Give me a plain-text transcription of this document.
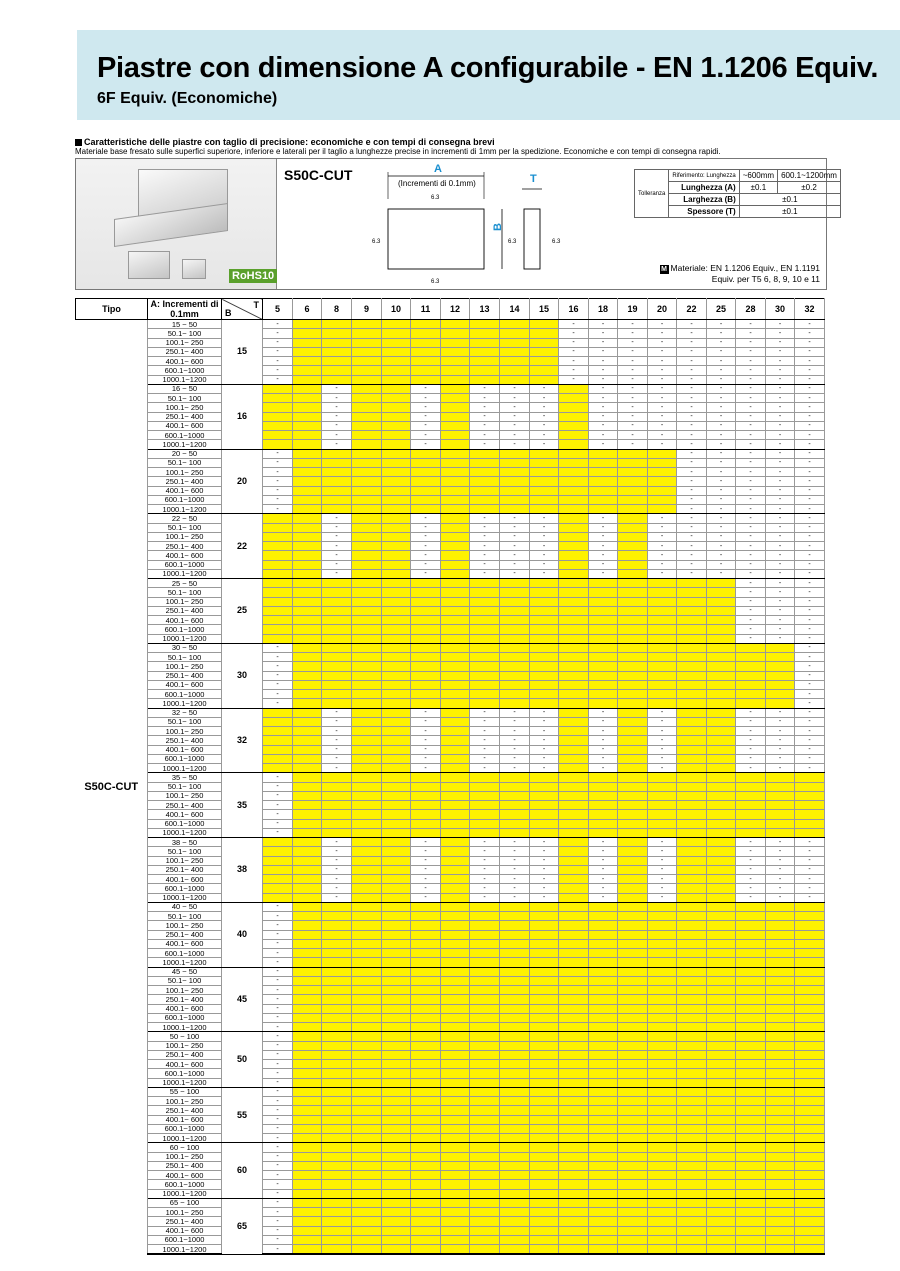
Piastre con dimensione A configurabile - EN 1.1206 Equiv.
6F Equiv. (Economiche)
Caratteristiche delle piastre con taglio di precisione: economiche e con tempi di consegna brevi
Materiale base fresato sulle superfici superiore, inferiore e laterali per il taglio a lunghezze precise in incrementi di 1mm per la spedizione. Economiche e con tempi di consegna rapidi.
RoHS10
S50C-CUT
6.3
6.3
6.3	6.3	6.3
A
(Incrementi di 0.1mm)
B
T
Tolleranza	Riferimento: Lunghezza	~600mm	600.1~1200mm
	Lunghezza (A)	±0.1	±0.2
	Larghezza (B)	±0.1	
	Spessore (T)	±0.1	
M Materiale: EN 1.1206 Equiv., EN 1.1191
Equiv. per T5 6, 8, 9, 10 e 11
Tipo	A: Incrementi di 0.1mm	T
B	5	6	8	9	10	11	12	13	14	15	16	18	19	20	22	25	28	30	32
S50C-CUT	15 ~ 50	15	-										-	-	-	-	-	-	-	-	-
	50.1~ 100		-										-	-	-	-	-	-	-	-	-
	100.1~ 250		-										-	-	-	-	-	-	-	-	-
	250.1~ 400		-										-	-	-	-	-	-	-	-	-
	400.1~ 600		-										-	-	-	-	-	-	-	-	-
	600.1~1000		-										-	-	-	-	-	-	-	-	-
	1000.1~1200		-										-	-	-	-	-	-	-	-	-
	16 ~ 50	16			-			-		-	-	-		-	-	-	-	-	-	-	-
	50.1~ 100				-			-		-	-	-		-	-	-	-	-	-	-	-
	100.1~ 250				-			-		-	-	-		-	-	-	-	-	-	-	-
	250.1~ 400				-			-		-	-	-		-	-	-	-	-	-	-	-
	400.1~ 600				-			-		-	-	-		-	-	-	-	-	-	-	-
	600.1~1000				-			-		-	-	-		-	-	-	-	-	-	-	-
	1000.1~1200				-			-		-	-	-		-	-	-	-	-	-	-	-
	20 ~ 50	20	-														-	-	-	-	-
	50.1~ 100		-														-	-	-	-	-
	100.1~ 250		-														-	-	-	-	-
	250.1~ 400		-														-	-	-	-	-
	400.1~ 600		-														-	-	-	-	-
	600.1~1000		-														-	-	-	-	-
	1000.1~1200		-														-	-	-	-	-
	22 ~ 50	22			-			-		-	-	-		-		-	-	-	-	-	-
	50.1~ 100				-			-		-	-	-		-		-	-	-	-	-	-
	100.1~ 250				-			-		-	-	-		-		-	-	-	-	-	-
	250.1~ 400				-			-		-	-	-		-		-	-	-	-	-	-
	400.1~ 600				-			-		-	-	-		-		-	-	-	-	-	-
	600.1~1000				-			-		-	-	-		-		-	-	-	-	-	-
	1000.1~1200				-			-		-	-	-		-		-	-	-	-	-	-
	25 ~ 50	25																	-	-	-
	50.1~ 100																		-	-	-
	100.1~ 250																		-	-	-
	250.1~ 400																		-	-	-
	400.1~ 600																		-	-	-
	600.1~1000																		-	-	-
	1000.1~1200																		-	-	-
	30 ~ 50	30	-																		-
	50.1~ 100		-																		-
	100.1~ 250		-																		-
	250.1~ 400		-																		-
	400.1~ 600		-																		-
	600.1~1000		-																		-
	1000.1~1200		-																		-
	32 ~ 50	32			-			-		-	-	-		-		-			-	-	-
	50.1~ 100				-			-		-	-	-		-		-			-	-	-
	100.1~ 250				-			-		-	-	-		-		-			-	-	-
	250.1~ 400				-			-		-	-	-		-		-			-	-	-
	400.1~ 600				-			-		-	-	-		-		-			-	-	-
	600.1~1000				-			-		-	-	-		-		-			-	-	-
	1000.1~1200				-			-		-	-	-		-		-			-	-	-
	35 ~ 50	35	-																		
	50.1~ 100		-																		
	100.1~ 250		-																		
	250.1~ 400		-																		
	400.1~ 600		-																		
	600.1~1000		-																		
	1000.1~1200		-																		
	38 ~ 50	38			-			-		-	-	-		-		-			-	-	-
	50.1~ 100				-			-		-	-	-		-		-			-	-	-
	100.1~ 250				-			-		-	-	-		-		-			-	-	-
	250.1~ 400				-			-		-	-	-		-		-			-	-	-
	400.1~ 600				-			-		-	-	-		-		-			-	-	-
	600.1~1000				-			-		-	-	-		-		-			-	-	-
	1000.1~1200				-			-		-	-	-		-		-			-	-	-
	40 ~ 50	40	-																		
	50.1~ 100		-																		
	100.1~ 250		-																		
	250.1~ 400		-																		
	400.1~ 600		-																		
	600.1~1000		-																		
	1000.1~1200		-																		
	45 ~ 50	45	-																		
	50.1~ 100		-																		
	100.1~ 250		-																		
	250.1~ 400		-																		
	400.1~ 600		-																		
	600.1~1000		-																		
	1000.1~1200		-																		
	50 ~ 100	50	-																		
	100.1~ 250		-																		
	250.1~ 400		-																		
	400.1~ 600		-																		
	600.1~1000		-																		
	1000.1~1200		-																		
	55 ~ 100	55	-																		
	100.1~ 250		-																		
	250.1~ 400		-																		
	400.1~ 600		-																		
	600.1~1000		-																		
	1000.1~1200		-																		
	60 ~ 100	60	-																		
	100.1~ 250		-																		
	250.1~ 400		-																		
	400.1~ 600		-																		
	600.1~1000		-																		
	1000.1~1200		-																		
	65 ~ 100	65	-																		
	100.1~ 250		-																		
	250.1~ 400		-																		
	400.1~ 600		-																		
	600.1~1000		-																		
	1000.1~1200		-																		
